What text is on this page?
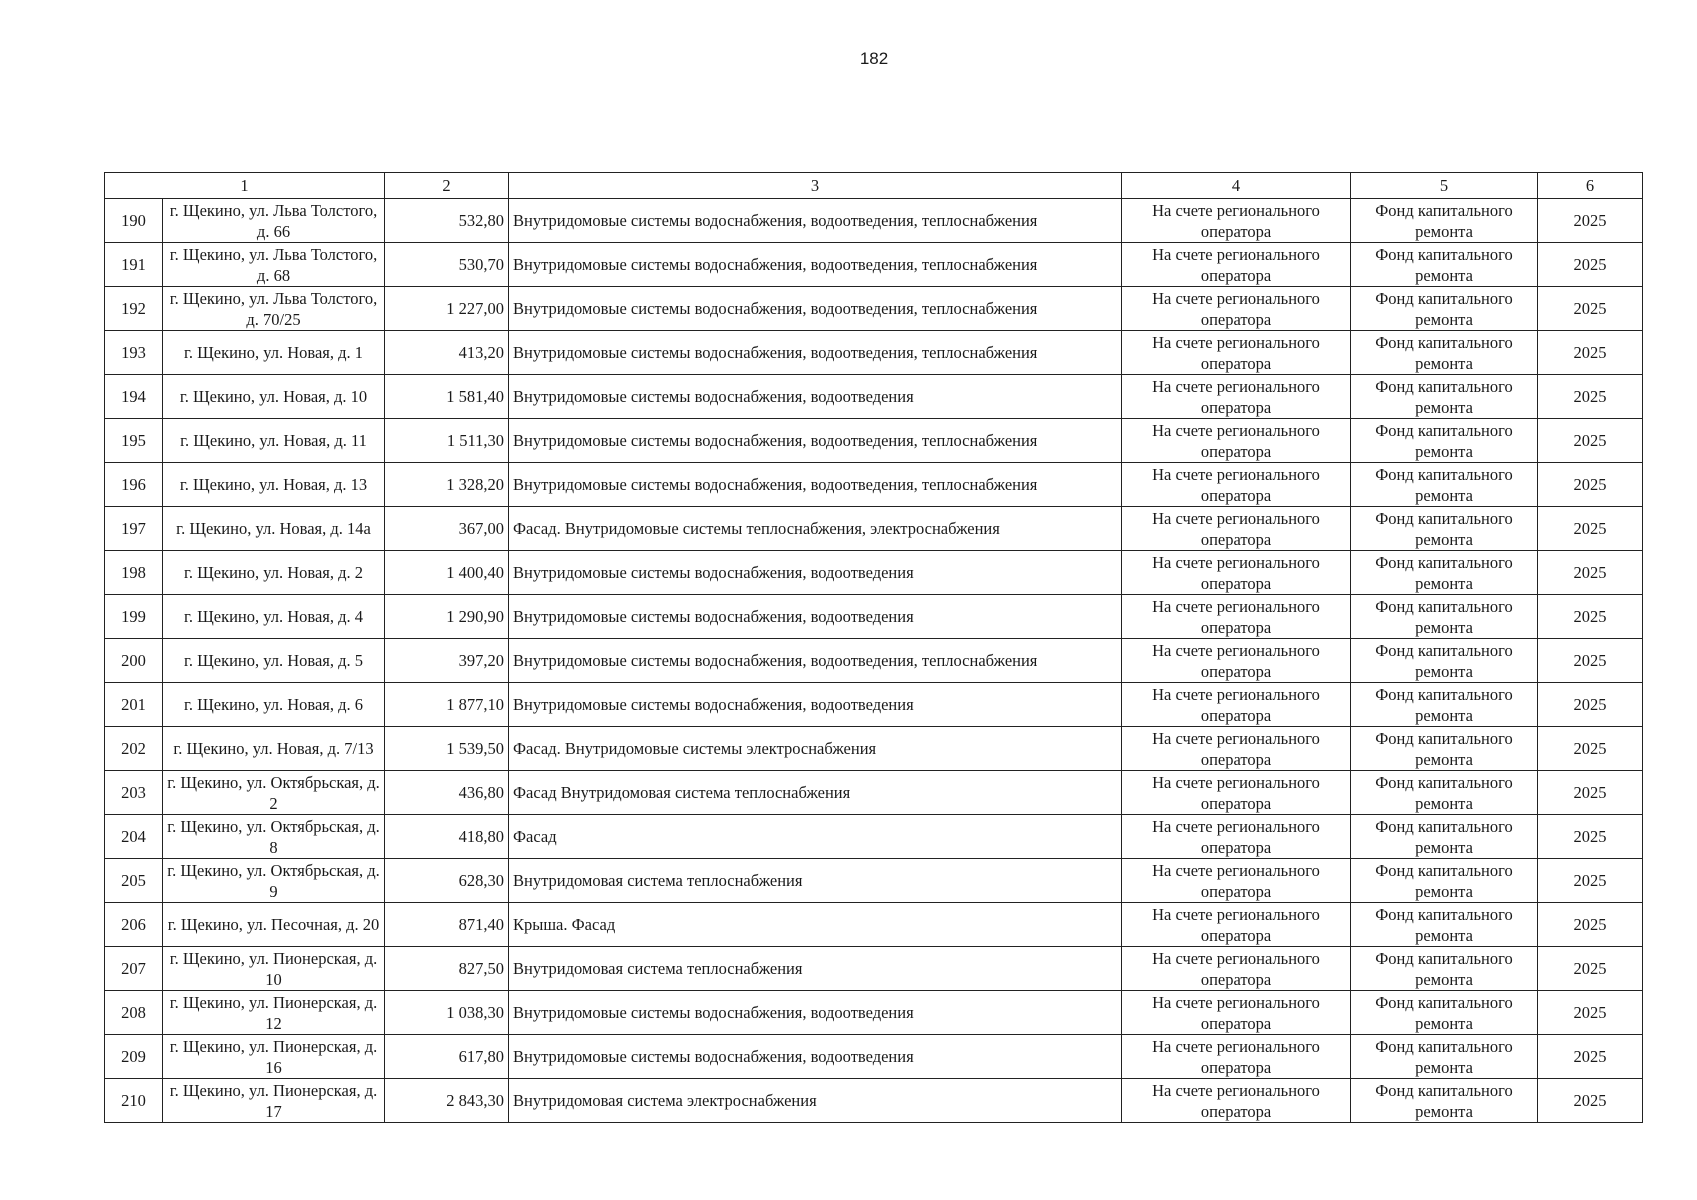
182
1		2	3	4	5	6
190	г. Щекино, ул. Льва Толстого, д. 66	532,80	Внутридомовые системы водоснабжения, водоотведения, теплоснабжения	На счете регионального оператора	Фонд капитального ремонта	2025
191	г. Щекино, ул. Льва Толстого, д. 68	530,70	Внутридомовые системы водоснабжения, водоотведения, теплоснабжения	На счете регионального оператора	Фонд капитального ремонта	2025
192	г. Щекино, ул. Льва Толстого, д. 70/25	1 227,00	Внутридомовые системы водоснабжения, водоотведения, теплоснабжения	На счете регионального оператора	Фонд капитального ремонта	2025
193	г. Щекино, ул. Новая, д. 1	413,20	Внутридомовые системы водоснабжения, водоотведения, теплоснабжения	На счете регионального оператора	Фонд капитального ремонта	2025
194	г. Щекино, ул. Новая, д. 10	1 581,40	Внутридомовые системы водоснабжения, водоотведения	На счете регионального оператора	Фонд капитального ремонта	2025
195	г. Щекино, ул. Новая, д. 11	1 511,30	Внутридомовые системы водоснабжения, водоотведения, теплоснабжения	На счете регионального оператора	Фонд капитального ремонта	2025
196	г. Щекино, ул. Новая, д. 13	1 328,20	Внутридомовые системы водоснабжения, водоотведения, теплоснабжения	На счете регионального оператора	Фонд капитального ремонта	2025
197	г. Щекино, ул. Новая, д. 14а	367,00	Фасад. Внутридомовые системы теплоснабжения, электроснабжения	На счете регионального оператора	Фонд капитального ремонта	2025
198	г. Щекино, ул. Новая, д. 2	1 400,40	Внутридомовые системы водоснабжения, водоотведения	На счете регионального оператора	Фонд капитального ремонта	2025
199	г. Щекино, ул. Новая, д. 4	1 290,90	Внутридомовые системы водоснабжения, водоотведения	На счете регионального оператора	Фонд капитального ремонта	2025
200	г. Щекино, ул. Новая, д. 5	397,20	Внутридомовые системы водоснабжения, водоотведения, теплоснабжения	На счете регионального оператора	Фонд капитального ремонта	2025
201	г. Щекино, ул. Новая, д. 6	1 877,10	Внутридомовые системы водоснабжения, водоотведения	На счете регионального оператора	Фонд капитального ремонта	2025
202	г. Щекино, ул. Новая, д. 7/13	1 539,50	Фасад. Внутридомовые системы электроснабжения	На счете регионального оператора	Фонд капитального ремонта	2025
203	г. Щекино, ул. Октябрьская, д. 2	436,80	Фасад Внутридомовая система теплоснабжения	На счете регионального оператора	Фонд капитального ремонта	2025
204	г. Щекино, ул. Октябрьская, д. 8	418,80	Фасад	На счете регионального оператора	Фонд капитального ремонта	2025
205	г. Щекино, ул. Октябрьская, д. 9	628,30	Внутридомовая система теплоснабжения	На счете регионального оператора	Фонд капитального ремонта	2025
206	г. Щекино, ул. Песочная, д. 20	871,40	Крыша. Фасад	На счете регионального оператора	Фонд капитального ремонта	2025
207	г. Щекино, ул. Пионерская, д. 10	827,50	Внутридомовая система теплоснабжения	На счете регионального оператора	Фонд капитального ремонта	2025
208	г. Щекино, ул. Пионерская, д. 12	1 038,30	Внутридомовые системы водоснабжения, водоотведения	На счете регионального оператора	Фонд капитального ремонта	2025
209	г. Щекино, ул. Пионерская, д. 16	617,80	Внутридомовые системы водоснабжения, водоотведения	На счете регионального оператора	Фонд капитального ремонта	2025
210	г. Щекино, ул. Пионерская, д. 17	2 843,30	Внутридомовая система электроснабжения	На счете регионального оператора	Фонд капитального ремонта	2025
